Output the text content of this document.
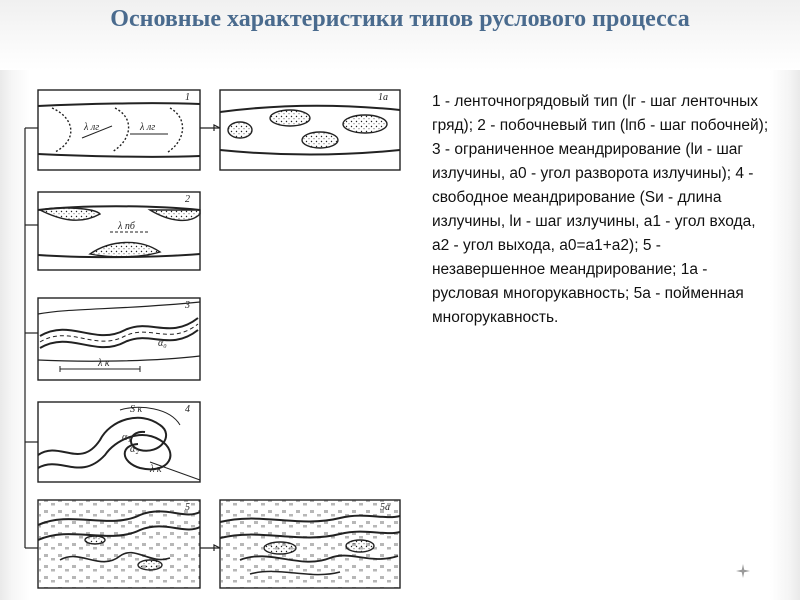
Основные характеристики типов руслового процесса
λ лг	λ лг
1	1а
λ пб
2
λ к
α₀
3
S к
α₁
α₂
λ к
4
5	5а

1 - ленточногрядовый тип (lг - шаг ленточных гряд); 2 - побочневый тип (lпб - шаг побочней); 3 - ограниченное меандрирование (lи - шаг излучины, а0 - угол разворота излучины); 4 - свободное меандрирование (Sи - длина излучины, lи - шаг излучины, а1 - угол входа, а2 - угол выхода, а0=а1+а2); 5 - незавершенное меандрирование; 1а - русловая многорукавность; 5а - пойменная многорукавность.
